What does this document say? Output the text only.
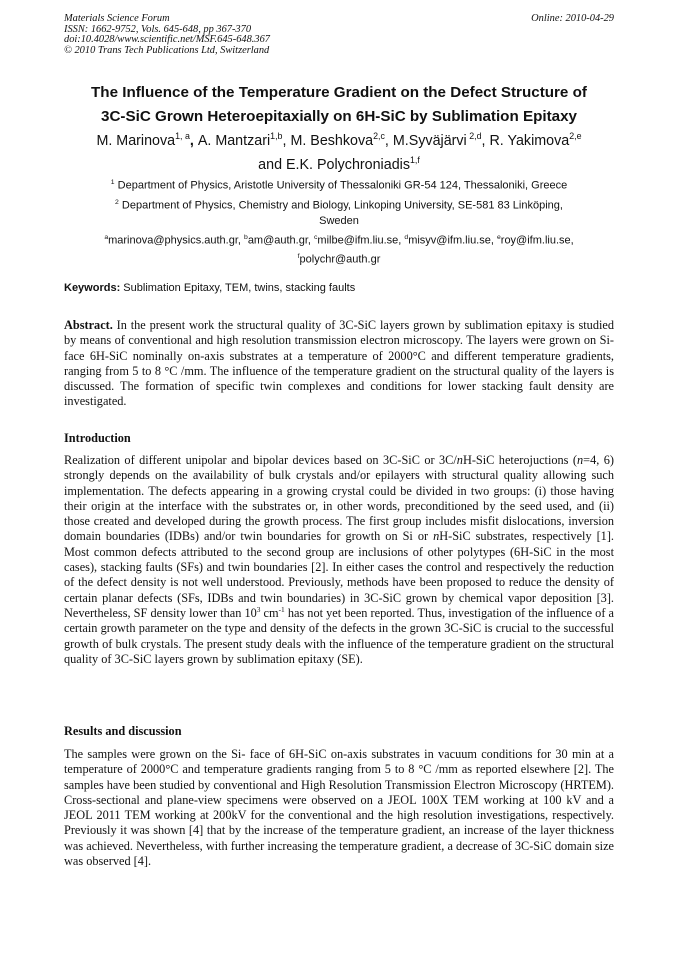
Materials Science Forum
ISSN: 1662-9752, Vols. 645-648, pp 367-370
doi:10.4028/www.scientific.net/MSF.645-648.367
© 2010 Trans Tech Publications Ltd, Switzerland
Online: 2010-04-29
The Influence of the Temperature Gradient on the Defect Structure of
3C-SiC Grown Heteroepitaxially on 6H-SiC by Sublimation Epitaxy
M. Marinova$^{1, a}$, A. Mantzari$^{1,b}$, M. Beshkova$^{2,c}$, M.Syväjärvi $^{2,d}$, R. Yakimova$^{2,e}$
and E.K. Polychroniadis$^{1,f}$
$^1$ Department of Physics, Aristotle University of Thessaloniki GR-54 124, Thessaloniki, Greece
$^2$ Department of Physics, Chemistry and Biology, Linkoping University, SE-581 83 Linköping,
Sweden
$^a$marinova@physics.auth.gr, $^b$am@auth.gr, $^c$milbe@ifm.liu.se, $^d$misyv@ifm.liu.se, $^e$roy@ifm.liu.se,
$^f$polychr@auth.gr
Keywords: Sublimation Epitaxy, TEM, twins, stacking faults
Abstract. In the present work the structural quality of 3C-SiC layers grown by sublimation epitaxy is studied by means of conventional and high resolution transmission electron microscopy. The layers were grown on Si-face 6H-SiC nominally on-axis substrates at a temperature of 2000°C and different temperature gradients, ranging from 5 to 8 °C /mm. The influence of the temperature gradient on the structural quality of the layers is discussed. The formation of specific twin complexes and conditions for lower stacking fault density are investigated.
Introduction
Realization of different unipolar and bipolar devices based on 3C-SiC or 3C/nH-SiC heterojuctions (n=4, 6) strongly depends on the availability of bulk crystals and/or epilayers with structural quality allowing such implementation. The defects appearing in a growing crystal could be divided in two groups: (i) those having their origin at the interface with the substrates or, in other words, preconditioned by the seed used, and (ii) those created and developed during the growth process. The first group includes misfit dislocations, inversion domain boundaries (IDBs) and/or twin boundaries for growth on Si or nH-SiC substrates, respectively [1]. Most common defects attributed to the second group are inclusions of other polytypes (6H-SiC in the most cases), stacking faults (SFs) and twin boundaries [2]. In either cases the control and respectively the reduction of the defect density is not well understood. Previously, methods have been proposed to reduce the density of certain planar defects (SFs, IDBs and twin boundaries) in 3C-SiC grown by chemical vapor deposition [3]. Nevertheless, SF density lower than $10^3$ $cm^{-1}$ has not yet been reported. Thus, investigation of the influence of a certain growth parameter on the type and density of the defects in the grown 3C-SiC is crucial to the successful growth of bulk crystals. The present study deals with the influence of the temperature gradient on the structural quality of 3C-SiC layers grown by sublimation epitaxy (SE).
Results and discussion
The samples were grown on the Si- face of 6H-SiC on-axis substrates in vacuum conditions for 30 min at a temperature of 2000°C and temperature gradients ranging from 5 to 8 °C /mm as reported elsewhere [2]. The samples have been studied by conventional and High Resolution Transmission Electron Microscopy (HRTEM). Cross-sectional and plane-view specimens were observed on a JEOL 100X TEM working at 100 kV and a JEOL 2011 TEM working at 200kV for the conventional and the high resolution investigations, respectively. Previously it was shown [4] that by the increase of the temperature gradient, an increase of the layer thickness was achieved. Nevertheless, with further increasing the temperature gradient, a decrease of 3C-SiC domain size was observed [4].
